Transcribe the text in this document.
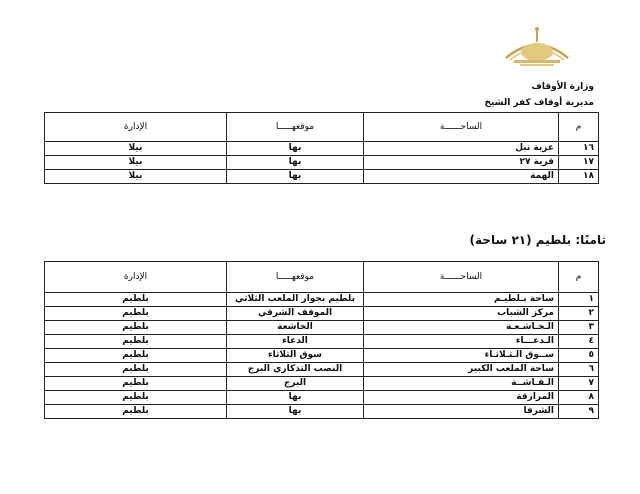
وزارة الأوقاف
مديرية أوقاف كفر الشيخ
م	الساحــــــة	موقعهـــــا	الإدارة
١٦	عزبة نبل	بها	بيلا
١٧	قرية ٢٧	بها	بيلا
١٨	الهمة	بها	بيلا
ثامنًا: بلطيم (٢١ ساحة)
م	الساحــــــة	موقعهـــــا	الإدارة
١	ساحة بـلطيـم	بلطيم بجوار الملعب الثلاثي	بلطيم
٢	مركز الشباب	الموقف الشرقي	بلطيم
٣	الـخـاشـعـة	الخاشعة	بلطيم
٤	الـدعـــاء	الدعاء	بلطيم
٥	ســوق الـثـلاثـاء	سوق الثلاثاء	بلطيم
٦	ساحة الملعب الكبير	النصب التذكاري البرج	بلطيم
٧	الـقـاشــة	البرج	بلطيم
٨	المرازقة	بها	بلطيم
٩	الشرفا	بها	بلطيم
